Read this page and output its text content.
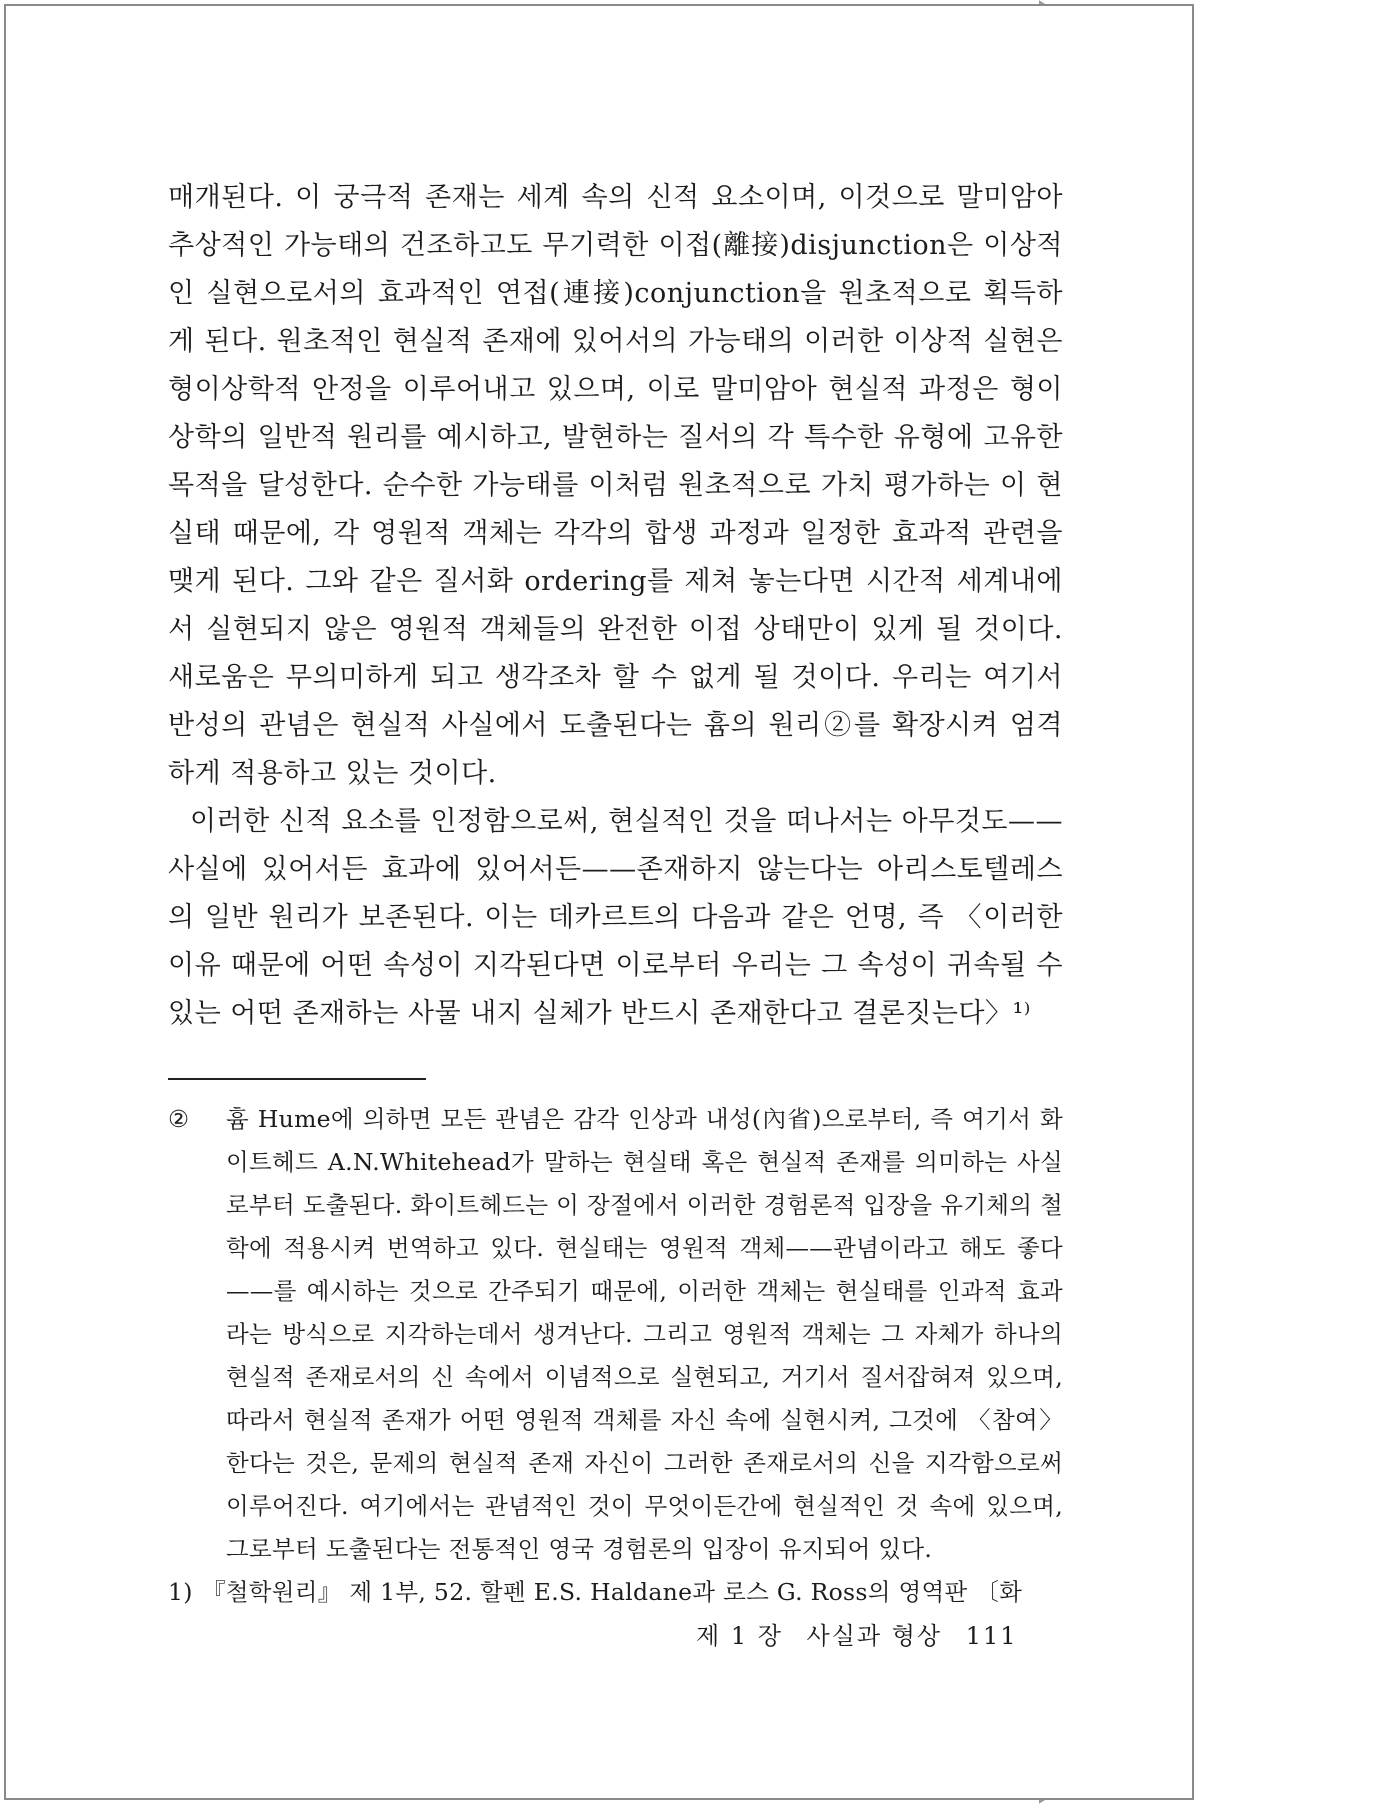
매개된다. 이 궁극적 존재는 세계 속의 신적 요소이며, 이것으로 말미암아 추상적인 가능태의 건조하고도 무기력한 이접(離接)disjunction은 이상적인 실현으로서의 효과적인 연접(連接)conjunction을 원초적으로 획득하게 된다. 원초적인 현실적 존재에 있어서의 가능태의 이러한 이상적 실현은 형이상학적 안정을 이루어내고 있으며, 이로 말미암아 현실적 과정은 형이상학의 일반적 원리를 예시하고, 발현하는 질서의 각 특수한 유형에 고유한 목적을 달성한다. 순수한 가능태를 이처럼 원초적으로 가치 평가하는 이 현실태 때문에, 각 영원적 객체는 각각의 합생 과정과 일정한 효과적 관련을 맺게 된다. 그와 같은 질서화 ordering를 제쳐 놓는다면 시간적 세계내에서 실현되지 않은 영원적 객체들의 완전한 이접 상태만이 있게 될 것이다. 새로움은 무의미하게 되고 생각조차 할 수 없게 될 것이다. 우리는 여기서 반성의 관념은 현실적 사실에서 도출된다는 흄의 원리②를 확장시켜 엄격하게 적용하고 있는 것이다.

이러한 신적 요소를 인정함으로써, 현실적인 것을 떠나서는 아무것도——사실에 있어서든 효과에 있어서든——존재하지 않는다는 아리스토텔레스의 일반 원리가 보존된다. 이는 데카르트의 다음과 같은 언명, 즉 〈이러한 이유 때문에 어떤 속성이 지각된다면 이로부터 우리는 그 속성이 귀속될 수 있는 어떤 존재하는 사물 내지 실체가 반드시 존재한다고 결론짓는다〉¹⁾

② 흄 Hume에 의하면 모든 관념은 감각 인상과 내성(內省)으로부터, 즉 여기서 화이트헤드 A.N.Whitehead가 말하는 현실태 혹은 현실적 존재를 의미하는 사실로부터 도출된다. 화이트헤드는 이 장절에서 이러한 경험론적 입장을 유기체의 철학에 적용시켜 번역하고 있다. 현실태는 영원적 객체——관념이라고 해도 좋다——를 예시하는 것으로 간주되기 때문에, 이러한 객체는 현실태를 인과적 효과라는 방식으로 지각하는데서 생겨난다. 그리고 영원적 객체는 그 자체가 하나의 현실적 존재로서의 신 속에서 이념적으로 실현되고, 거기서 질서잡혀져 있으며, 따라서 현실적 존재가 어떤 영원적 객체를 자신 속에 실현시켜, 그것에 〈참여〉한다는 것은, 문제의 현실적 존재 자신이 그러한 존재로서의 신을 지각함으로써 이루어진다. 여기에서는 관념적인 것이 무엇이든간에 현실적인 것 속에 있으며, 그로부터 도출된다는 전통적인 영국 경험론의 입장이 유지되어 있다.
1) 『철학원리』 제 1부, 52. 할펜 E.S. Haldane과 로스 G. Ross의 영역판 〔화
제 1 장 사실과 형상 111
